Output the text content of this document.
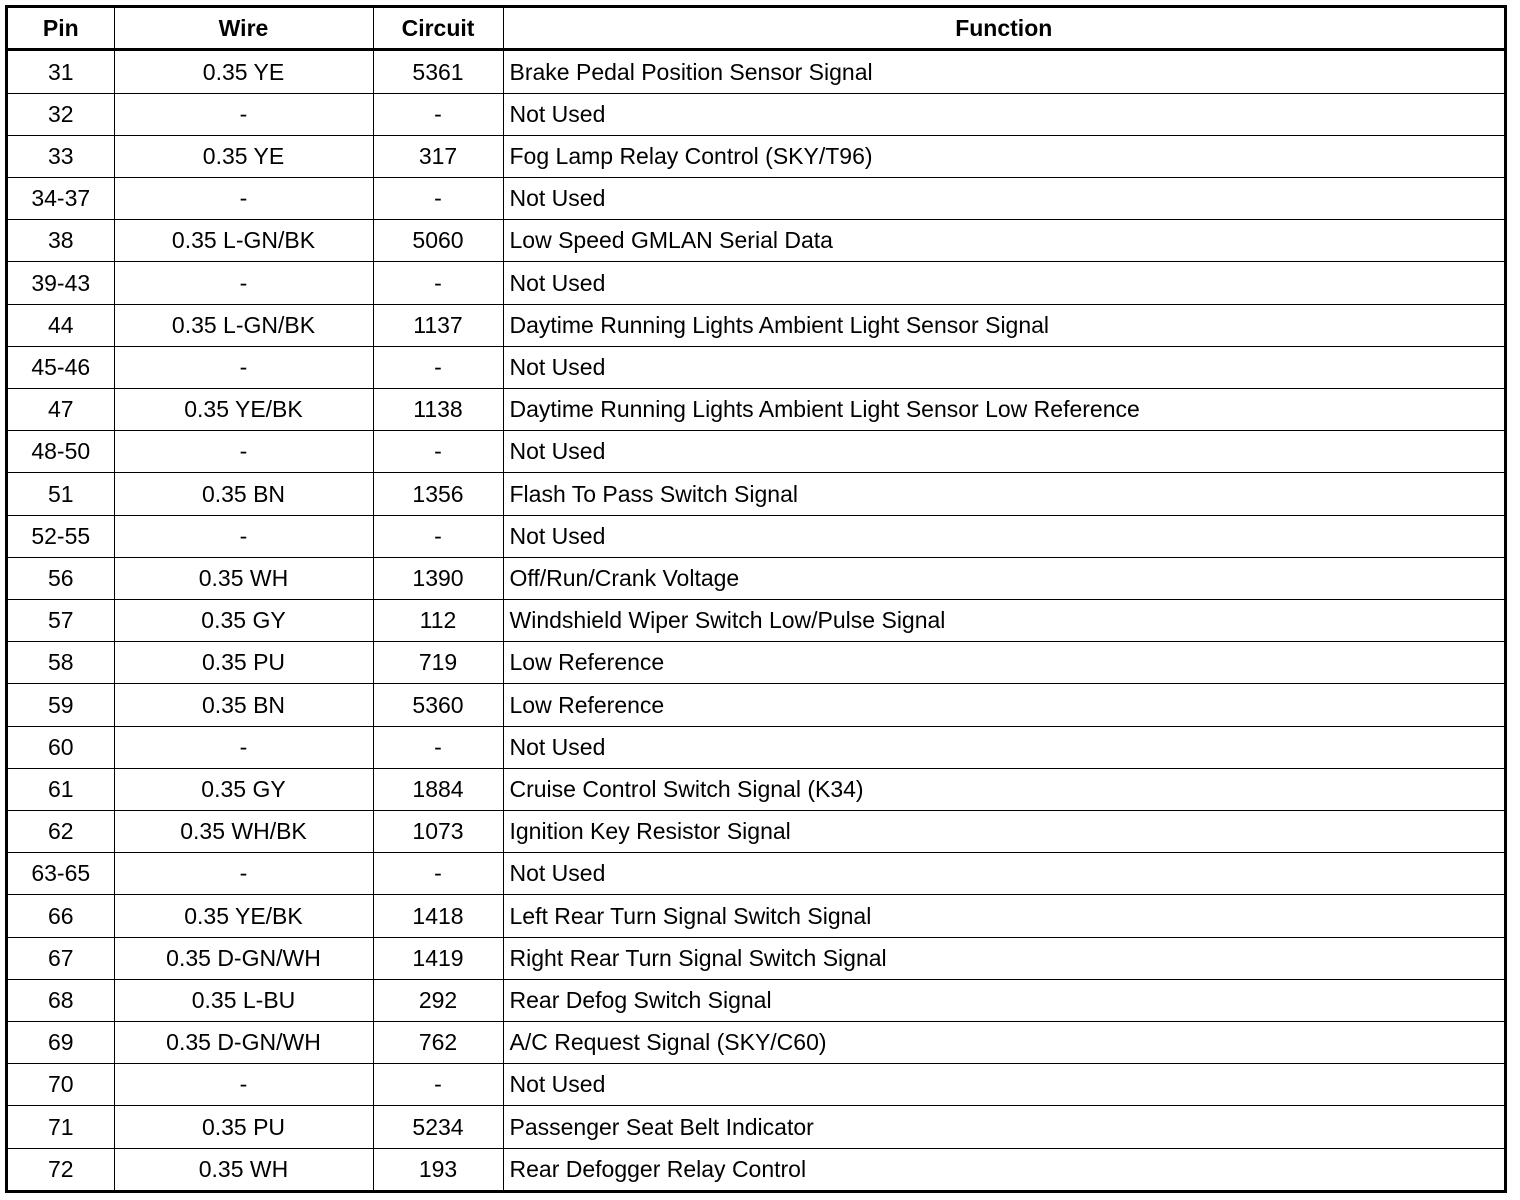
Pin	Wire	Circuit	Function
31	0.35 YE	5361	Brake Pedal Position Sensor Signal
32	-	-	Not Used
33	0.35 YE	317	Fog Lamp Relay Control (SKY/T96)
34-37	-	-	Not Used
38	0.35 L-GN/BK	5060	Low Speed GMLAN Serial Data
39-43	-	-	Not Used
44	0.35 L-GN/BK	1137	Daytime Running Lights Ambient Light Sensor Signal
45-46	-	-	Not Used
47	0.35 YE/BK	1138	Daytime Running Lights Ambient Light Sensor Low Reference
48-50	-	-	Not Used
51	0.35 BN	1356	Flash To Pass Switch Signal
52-55	-	-	Not Used
56	0.35 WH	1390	Off/Run/Crank Voltage
57	0.35 GY	112	Windshield Wiper Switch Low/Pulse Signal
58	0.35 PU	719	Low Reference
59	0.35 BN	5360	Low Reference
60	-	-	Not Used
61	0.35 GY	1884	Cruise Control Switch Signal (K34)
62	0.35 WH/BK	1073	Ignition Key Resistor Signal
63-65	-	-	Not Used
66	0.35 YE/BK	1418	Left Rear Turn Signal Switch Signal
67	0.35 D-GN/WH	1419	Right Rear Turn Signal Switch Signal
68	0.35 L-BU	292	Rear Defog Switch Signal
69	0.35 D-GN/WH	762	A/C Request Signal (SKY/C60)
70	-	-	Not Used
71	0.35 PU	5234	Passenger Seat Belt Indicator
72	0.35 WH	193	Rear Defogger Relay Control
